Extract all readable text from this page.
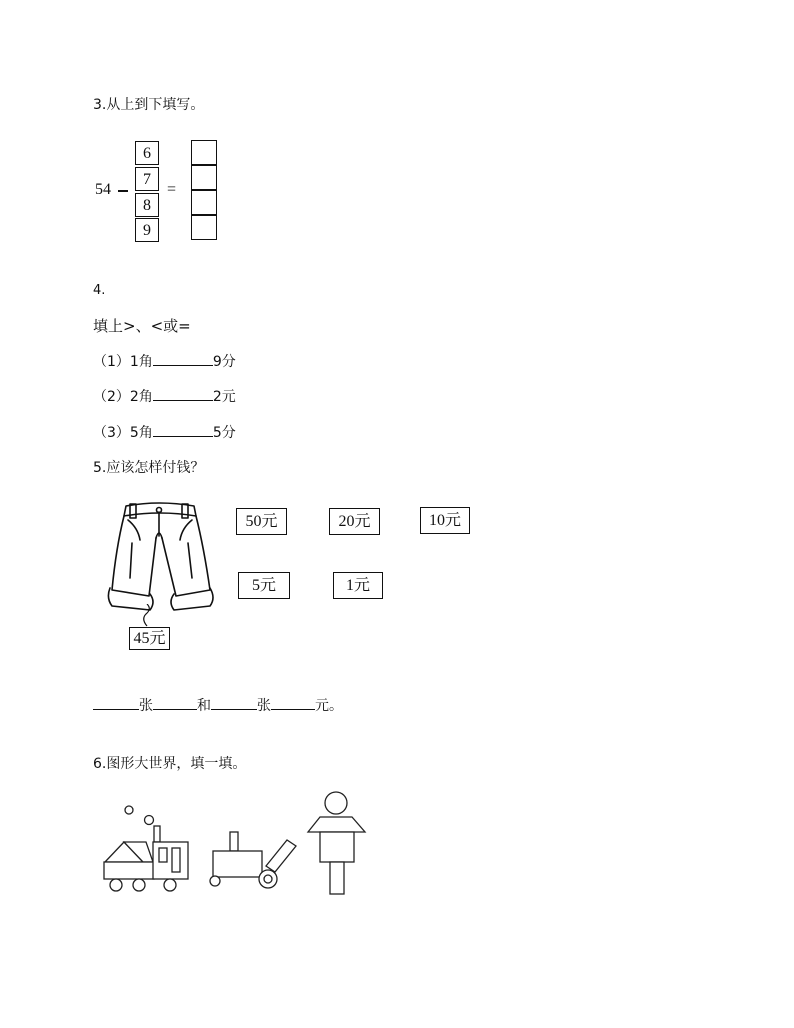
3.从上到下填写。
54
6
7
8
9
=
4.
填上>、<或=
（1）1角	9分
（2）2角	2元
（3）5角	5分
5.应该怎样付钱？
45元
50元	20元	10元
5元	1元
张	和	张	元。
6.图形大世界，填一填。
